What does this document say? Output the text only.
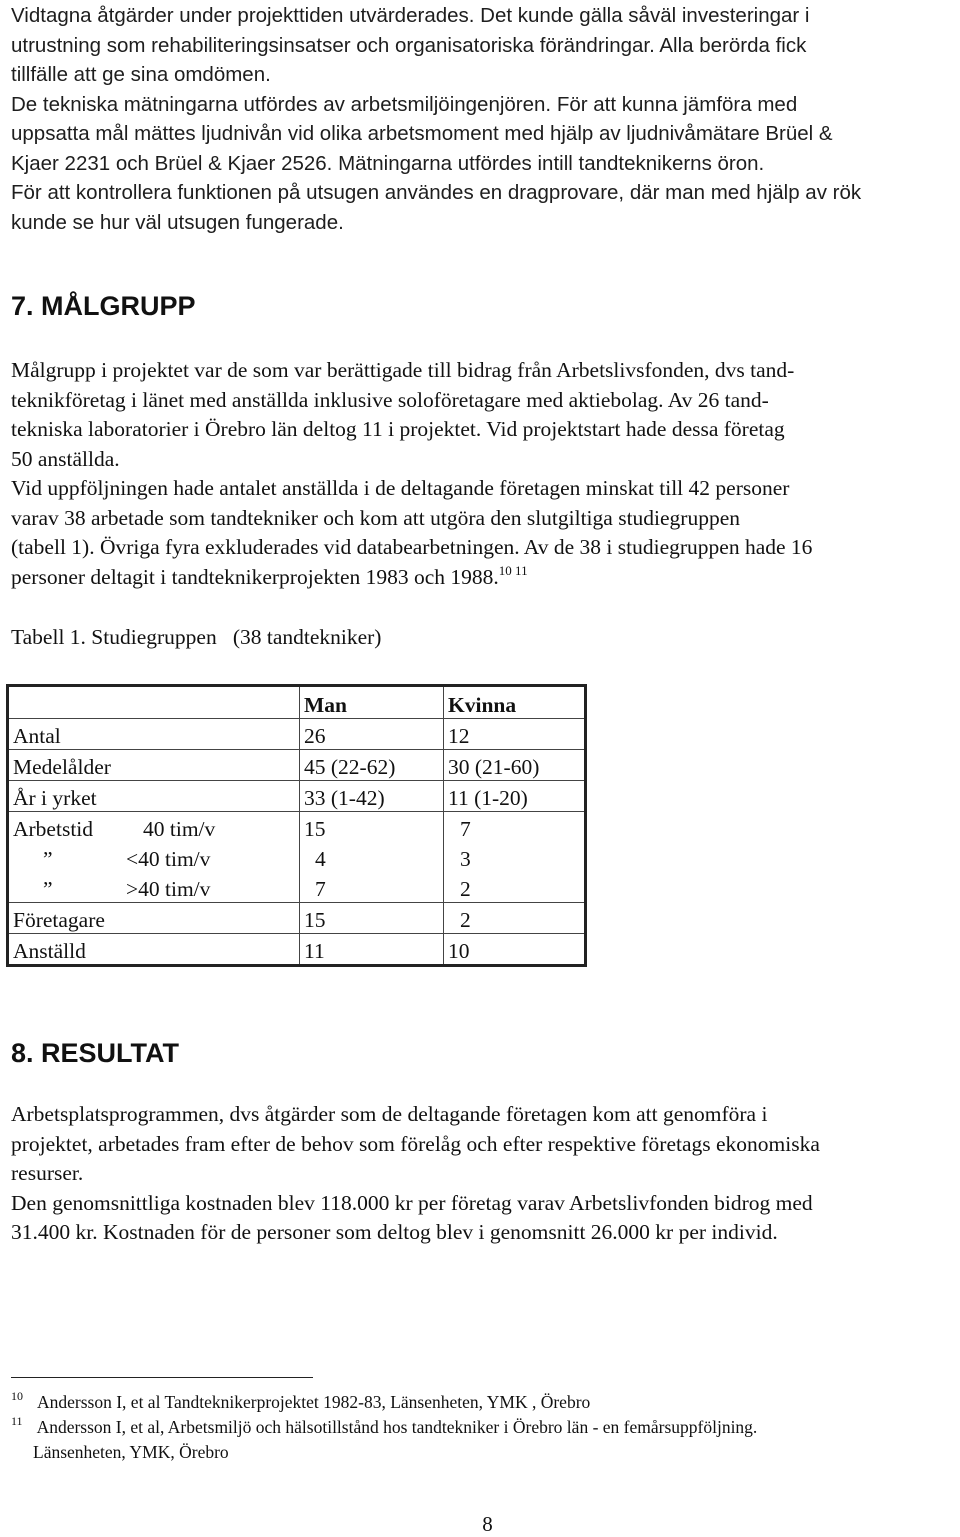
Vidtagna åtgärder under projekttiden utvärderades. Det kunde gälla såväl investeringar i
utrustning som rehabiliteringsinsatser och organisatoriska förändringar. Alla berörda fick
tillfälle att ge sina omdömen.
De tekniska mätningarna utfördes av arbetsmiljöingenjören. För att kunna jämföra med
uppsatta mål mättes ljudnivån vid olika arbetsmoment med hjälp av ljudnivåmätare Brüel &
Kjaer 2231 och Brüel & Kjaer 2526. Mätningarna utfördes intill tandteknikerns öron.
För att kontrollera funktionen på utsugen användes en dragprovare, där man med hjälp av rök
kunde se hur väl utsugen fungerade.
7. MÅLGRUPP
Målgrupp i projektet var de som var berättigade till bidrag från Arbetslivsfonden, dvs tand-
teknikföretag i länet med anställda inklusive soloföretagare med aktiebolag. Av 26 tand-
tekniska laboratorier i Örebro län deltog 11 i projektet. Vid projektstart hade dessa företag
50 anställda.
Vid uppföljningen hade antalet anställda i de deltagande företagen minskat till 42 personer
varav 38 arbetade som tandtekniker och kom att utgöra den slutgiltiga studiegruppen
(tabell 1). Övriga fyra exkluderades vid databearbetningen. Av de 38 i studiegruppen hade 16
personer deltagit i tandteknikerprojekten 1983 och 1988.$^{10 11}$
Tabell 1. Studiegruppen   (38 tandtekniker)
	Man	Kvinna
Antal	26	12
Medelålder	45 (22-62)	30 (21-60)
År i yrket	33 (1-42)	11 (1-20)
Arbetstid 40 tim/v	15	7
” <40 tim/v	4	3
” >40 tim/v	7	2
Företagare	15	2
Anställd	11	10
8. RESULTAT
Arbetsplatsprogrammen, dvs åtgärder som de deltagande företagen kom att genomföra i
projektet, arbetades fram efter de behov som förelåg och efter respektive företags ekonomiska
resurser.
Den genomsnittliga kostnaden blev 118.000 kr per företag varav Arbetslivfonden bidrog med
31.400 kr. Kostnaden för de personer som deltog blev i genomsnitt 26.000 kr per individ.
$^{10}$ Andersson I, et al Tandteknikerprojektet 1982-83, Länsenheten, YMK , Örebro
$^{11}$ Andersson I, et al, Arbetsmiljö och hälsotillstånd hos tandtekniker i Örebro län - en femårsuppföljning.
Länsenheten, YMK, Örebro
8
